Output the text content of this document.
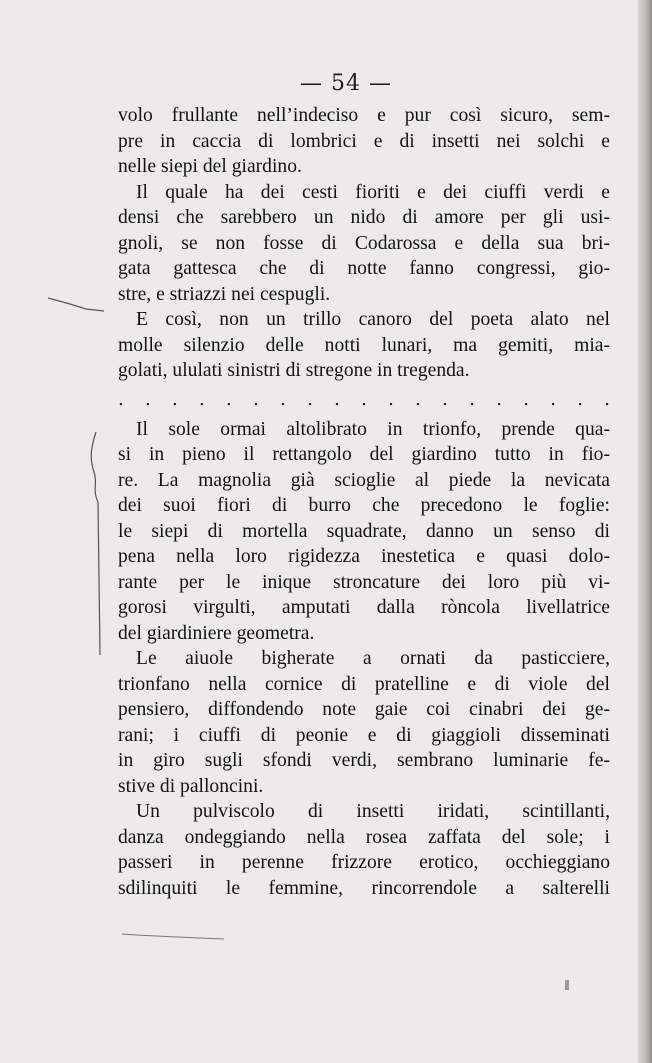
— 54 —
volo frullante nell’indeciso e pur così sicuro, sem-
pre in caccia di lombrici e di insetti nei solchi e
nelle siepi del giardino.
Il quale ha dei cesti fioriti e dei ciuffi verdi e
densi che sarebbero un nido di amore per gli usi-
gnoli, se non fosse di Codarossa e della sua bri-
gata gattesca che di notte fanno congressi, gio-
stre, e striazzi nei cespugli.
E così, non un trillo canoro del poeta alato nel
molle silenzio delle notti lunari, ma gemiti, mia-
golati, ululati sinistri di stregone in tregenda.
. . . . . . . . . . . . . . . . . . .
Il sole ormai altolibrato in trionfo, prende qua-
si in pieno il rettangolo del giardino tutto in fio-
re. La magnolia già scioglie al piede la nevicata
dei suoi fiori di burro che precedono le foglie:
le siepi di mortella squadrate, danno un senso di
pena nella loro rigidezza inestetica e quasi dolo-
rante per le inique stroncature dei loro più vi-
gorosi virgulti, amputati dalla ròncola livellatrice
del giardiniere geometra.
Le aiuole bigherate a ornati da pasticciere,
trionfano nella cornice di pratelline e di viole del
pensiero, diffondendo note gaie coi cinabri dei ge-
rani; i ciuffi di peonie e di giaggioli disseminati
in giro sugli sfondi verdi, sembrano luminarie fe-
stive di palloncini.
Un pulviscolo di insetti iridati, scintillanti,
danza ondeggiando nella rosea zaffata del sole; i
passeri in perenne frizzore erotico, occhieggiano
sdilinquiti le femmine, rincorrendole a salterelli
